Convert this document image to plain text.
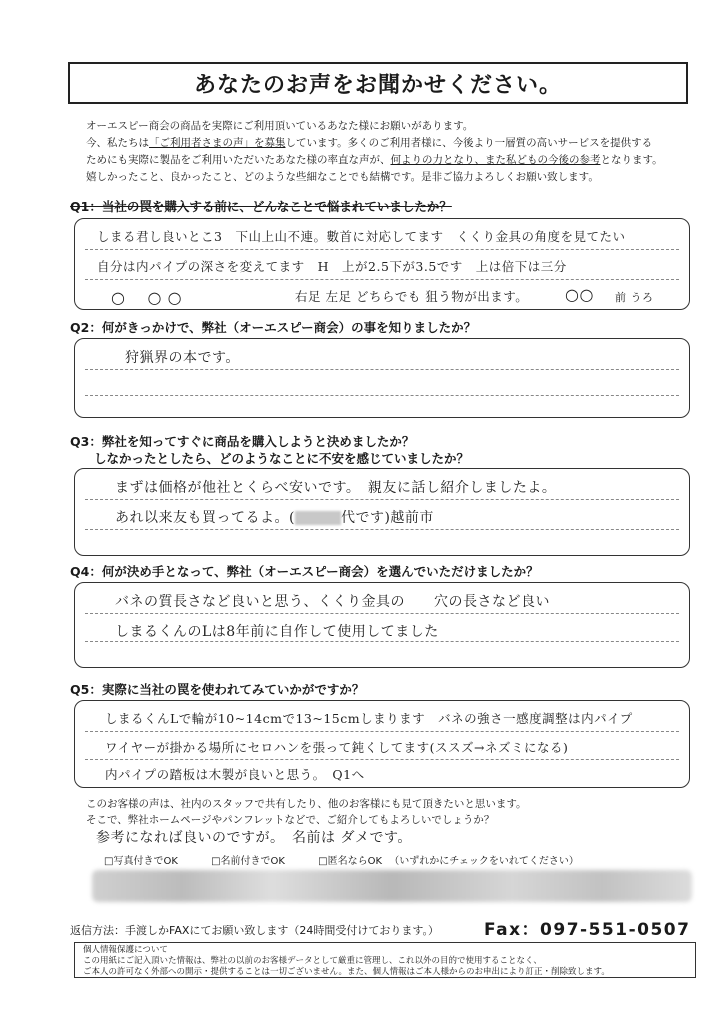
あなたのお声をお聞かせください。
オーエスピー商会の商品を実際にご利用頂いているあなた様にお願いがあります。
今、私たちは「ご利用者さまの声」を募集しています。多くのご利用者様に、今後より一層質の高いサービスを提供する
ためにも実際に製品をご利用いただいたあなた様の率直な声が、何よりの力となり、また私どもの今後の参考となります。
嬉しかったこと、良かったこと、どのような些細なことでも結構です。是非ご協力よろしくお願い致します。
Q1：当社の罠を購入する前に、どんなことで悩まれていましたか？
しまる君し良いとこ3　下山上山不連。數首に対応してます　くくり金具の角度を見てたい
自分は内パイプの深さを変えてます　H　上が2.5下が3.5です　上は倍下は三分
○　 ○ ○	右足 左足 どちらでも 狙う物が出ます。 ○○ 前 うろ
Q2：何がきっかけで、弊社（オーエスピー商会）の事を知りましたか？
狩猟界の本です。
Q3：弊社を知ってすぐに商品を購入しようと決めましたか？
しなかったとしたら、どのようなことに不安を感じていましたか？
まずは価格が他社とくらべ安いです。　親友に話し紹介しましたよ。
あれ以来友も買ってるよ。(	代です)越前市
Q4：何が決め手となって、弊社（オーエスピー商会）を選んでいただけましたか？
バネの質長さなど良いと思う、くくり金具の　　穴の長さなど良い
しまるくんのLは8年前に自作して使用してました
Q5：実際に当社の罠を使われてみていかがですか？
しまるくんLで輪が10~14cmで13~15cmしまります　バネの強さ一感度調整は内パイプ
ワイヤーが掛かる場所にセロハンを張って鈍くしてます(ススズ→ネズミになる)
内パイプの踏板は木製が良いと思う。　Q1へ
このお客様の声は、社内のスタッフで共有したり、他のお客様にも見て頂きたいと思います。
そこで、弊社ホームページやパンフレットなどで、ご紹介してもよろしいでしょうか？
参考になれば良いのですが。　名前は ダメです。
□写真付きでOK	□名前付きでOK	□匿名ならOK （いずれかにチェックをいれてください）
返信方法：手渡しかFAXにてお願い致します（24時間受付けております。）	Fax：097-551-0507
個人情報保護について
この用紙にご記入頂いた情報は、弊社の以前のお客様データとして厳重に管理し、これ以外の目的で使用することなく、
ご本人の許可なく外部への開示・提供することは一切ございません。また、個人情報はご本人様からのお申出により訂正・削除致します。
